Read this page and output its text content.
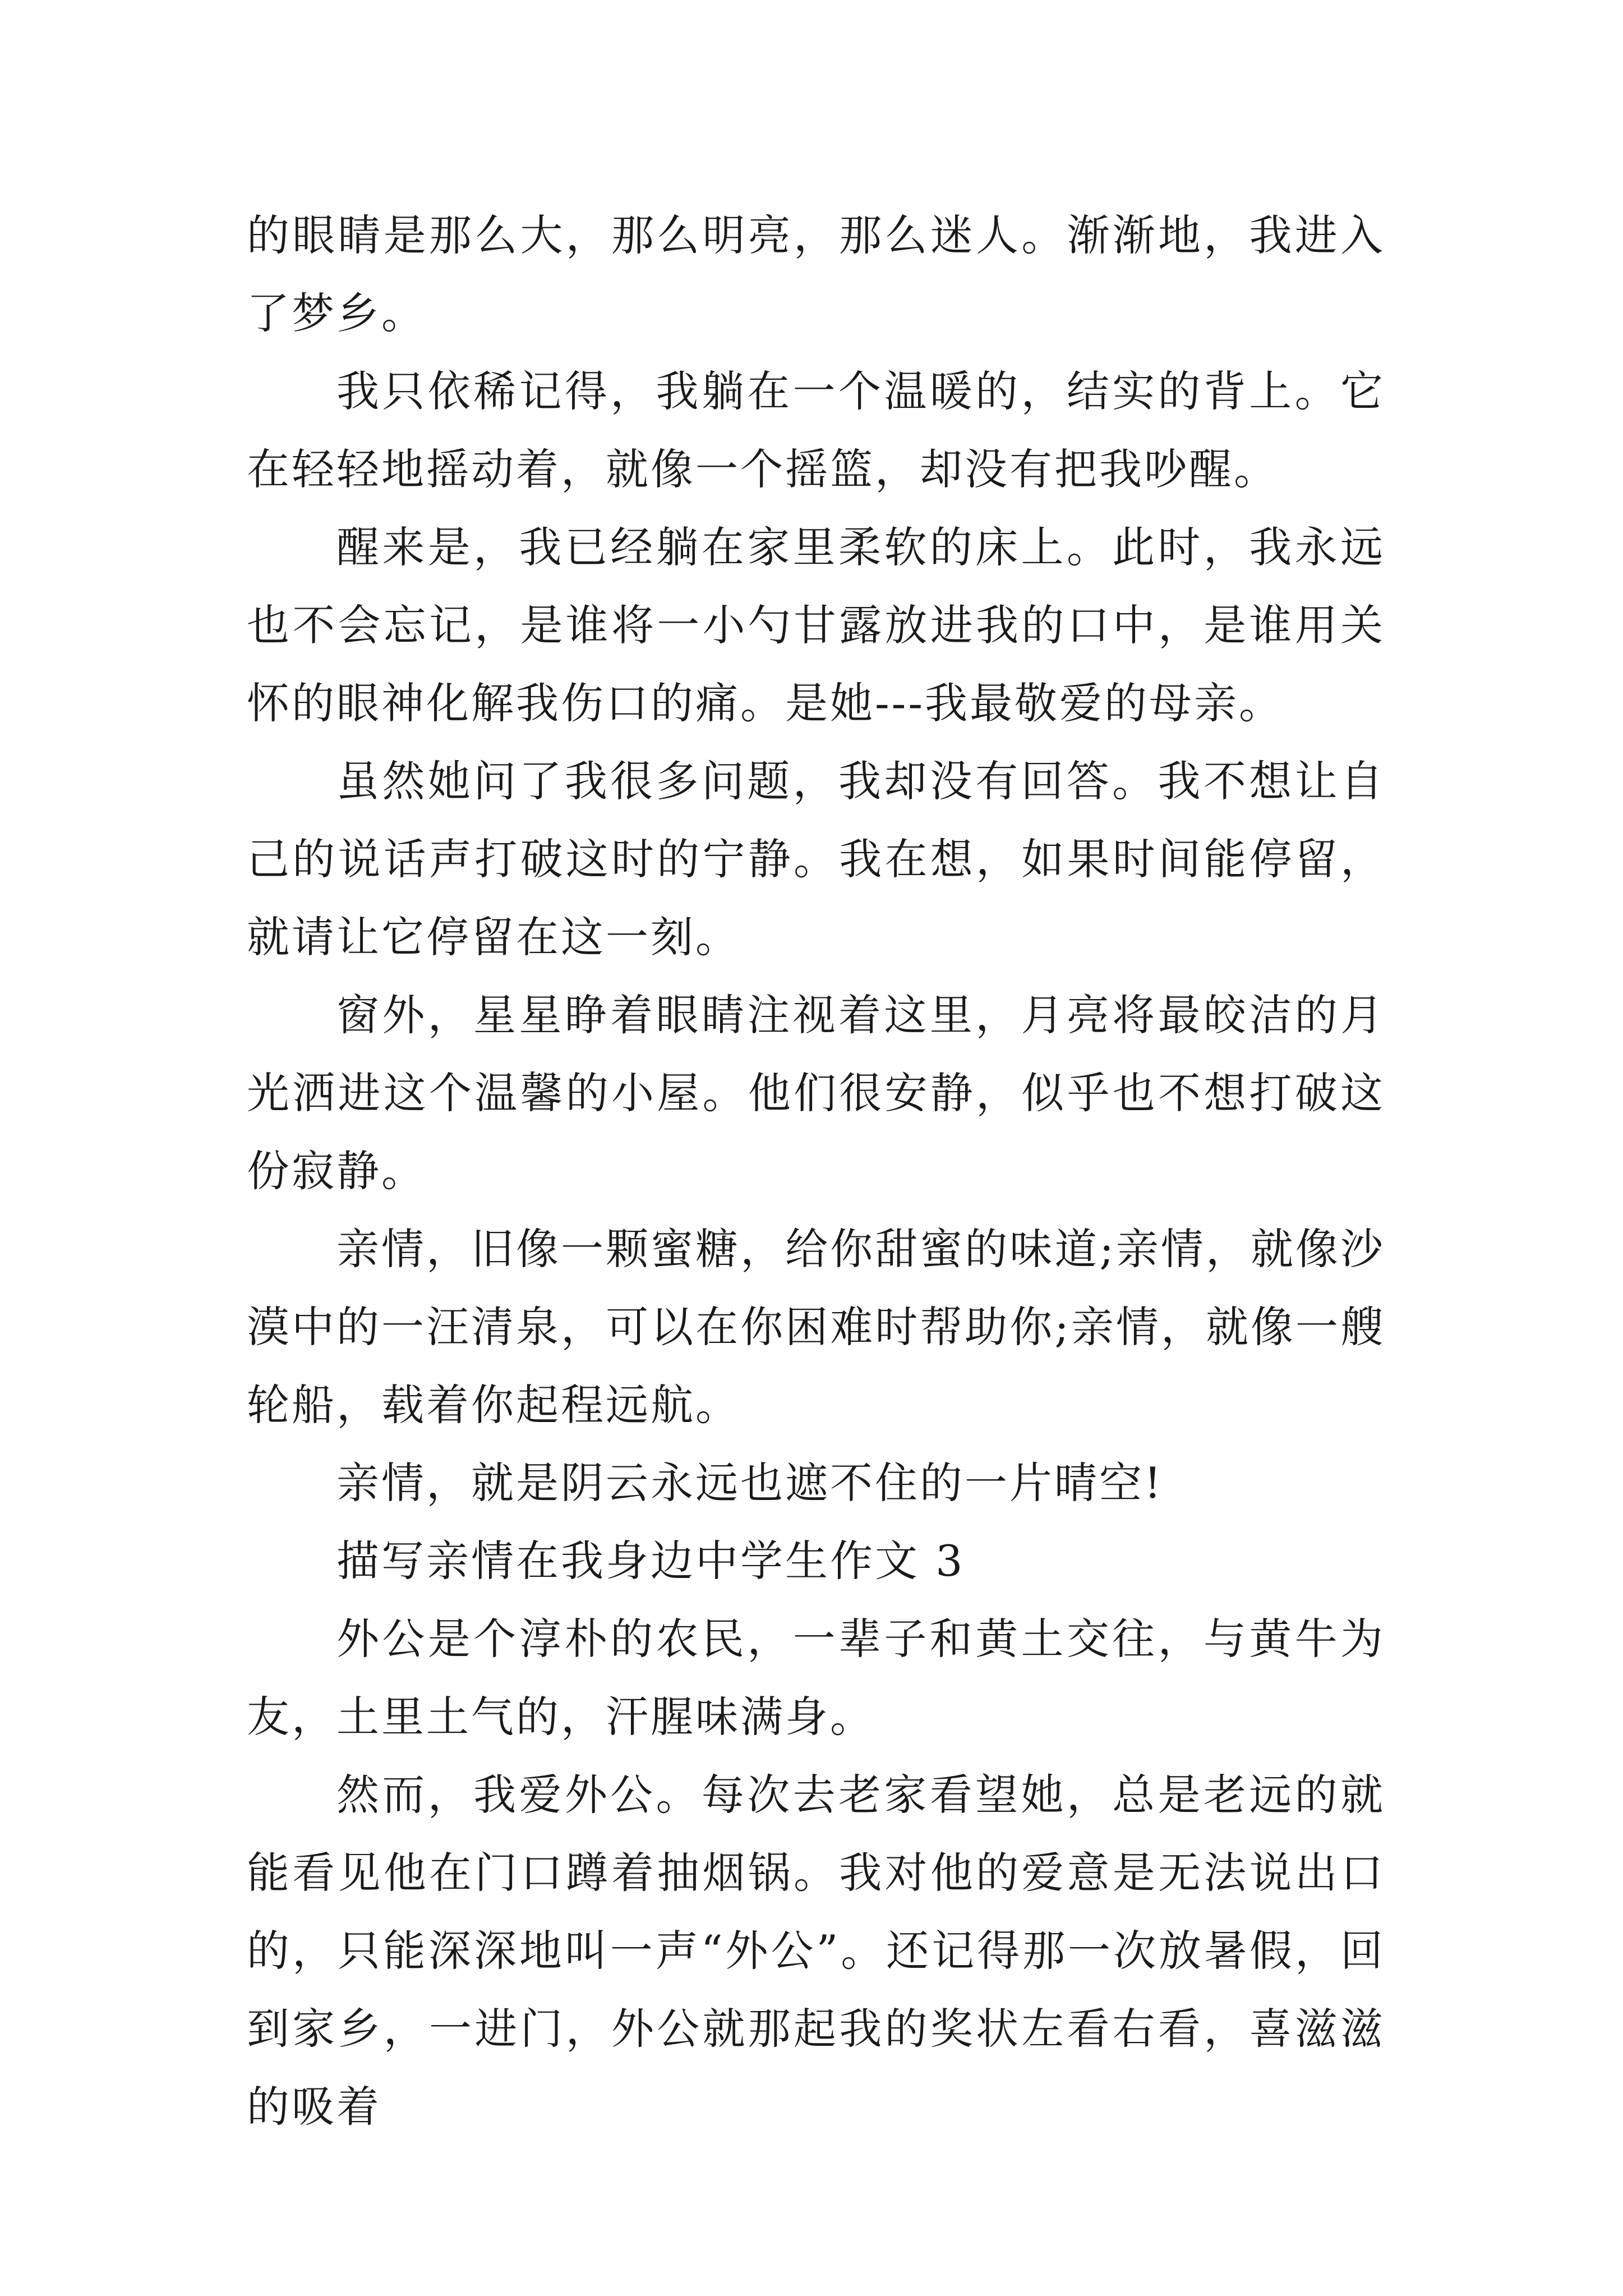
的眼睛是那么大，那么明亮，那么迷人。渐渐地，我进入了梦乡。

我只依稀记得，我躺在一个温暖的，结实的背上。它在轻轻地摇动着，就像一个摇篮，却没有把我吵醒。

醒来是，我已经躺在家里柔软的床上。此时，我永远也不会忘记，是谁将一小勺甘露放进我的口中，是谁用关怀的眼神化解我伤口的痛。是她---我最敬爱的母亲。

虽然她问了我很多问题，我却没有回答。我不想让自己的说话声打破这时的宁静。我在想，如果时间能停留，就请让它停留在这一刻。

窗外，星星睁着眼睛注视着这里，月亮将最皎洁的月光洒进这个温馨的小屋。他们很安静，似乎也不想打破这份寂静。

亲情，旧像一颗蜜糖，给你甜蜜的味道;亲情，就像沙漠中的一汪清泉，可以在你困难时帮助你;亲情，就像一艘轮船，载着你起程远航。

亲情，就是阴云永远也遮不住的一片晴空!

描写亲情在我身边中学生作文 3

外公是个淳朴的农民，一辈子和黄土交往，与黄牛为友，土里土气的，汗腥味满身。

然而，我爱外公。每次去老家看望她，总是老远的就能看见他在门口蹲着抽烟锅。我对他的爱意是无法说出口的，只能深深地叫一声“外公”。还记得那一次放暑假，回到家乡，一进门，外公就那起我的奖状左看右看，喜滋滋的吸着
